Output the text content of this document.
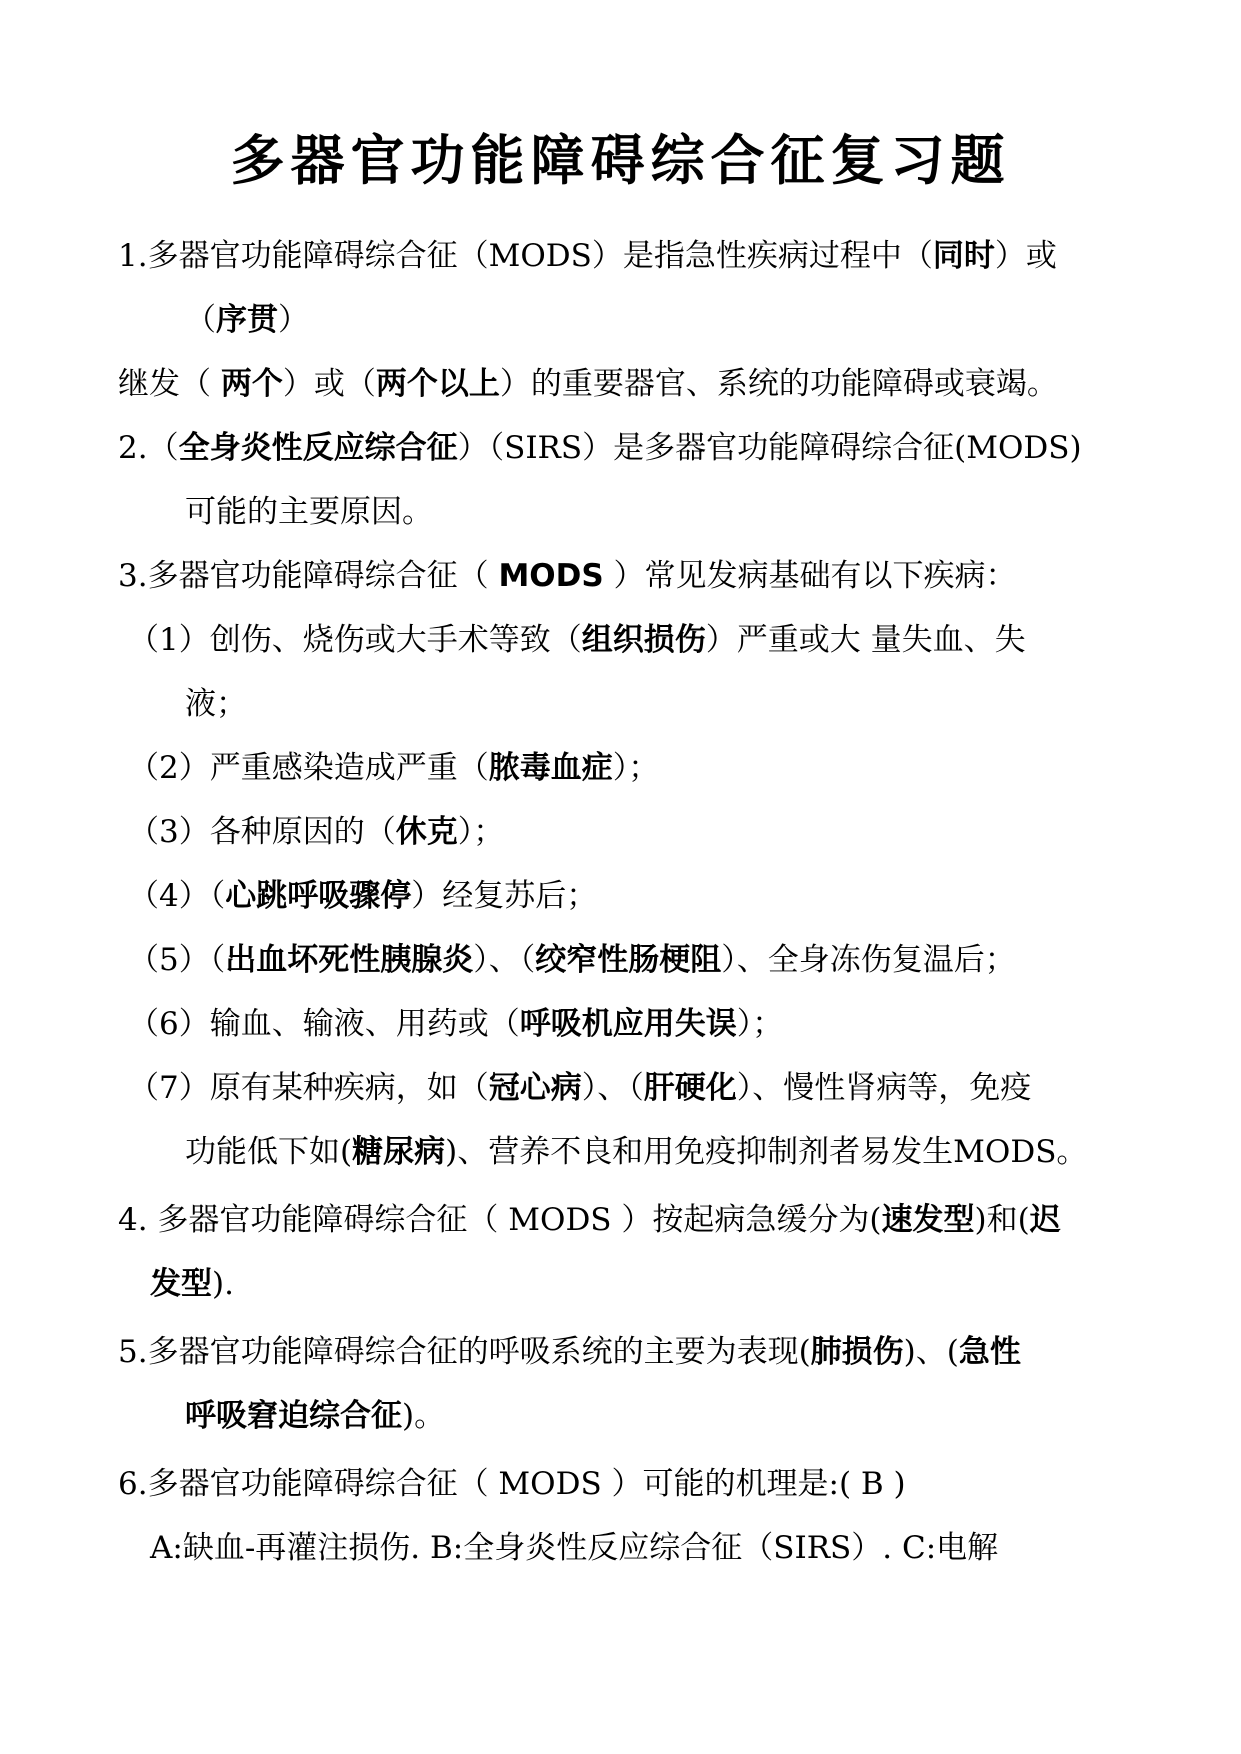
多器官功能障碍综合征复习题
1.多器官功能障碍综合征（MODS）是指急性疾病过程中（同时）或
（序贯）
继发（ 两个）或（两个以上）的重要器官、系统的功能障碍或衰竭。
2.（全身炎性反应综合征）（SIRS）是多器官功能障碍综合征(MODS)
可能的主要原因。
3.多器官功能障碍综合征（ MODS ）常见发病基础有以下疾病：
（1）创伤、烧伤或大手术等致（组织损伤）严重或大 量失血、失
液；
（2）严重感染造成严重（脓毒血症）；
（3）各种原因的（休克）；
（4）（心跳呼吸骤停）经复苏后；
（5）（出血坏死性胰腺炎）、（绞窄性肠梗阻）、全身冻伤复温后；
（6）输血、输液、用药或（呼吸机应用失误）；
（7）原有某种疾病，如（冠心病）、（肝硬化）、慢性肾病等，免疫
功能低下如(糖尿病)、营养不良和用免疫抑制剂者易发生MODS。
4. 多器官功能障碍综合征（ MODS ）按起病急缓分为(速发型)和(迟
发型).
5.多器官功能障碍综合征的呼吸系统的主要为表现(肺损伤)、(急性
呼吸窘迫综合征)。
6.多器官功能障碍综合征（ MODS ）可能的机理是:( B )
A:缺血-再灌注损伤. B:全身炎性反应综合征（SIRS）. C:电解
